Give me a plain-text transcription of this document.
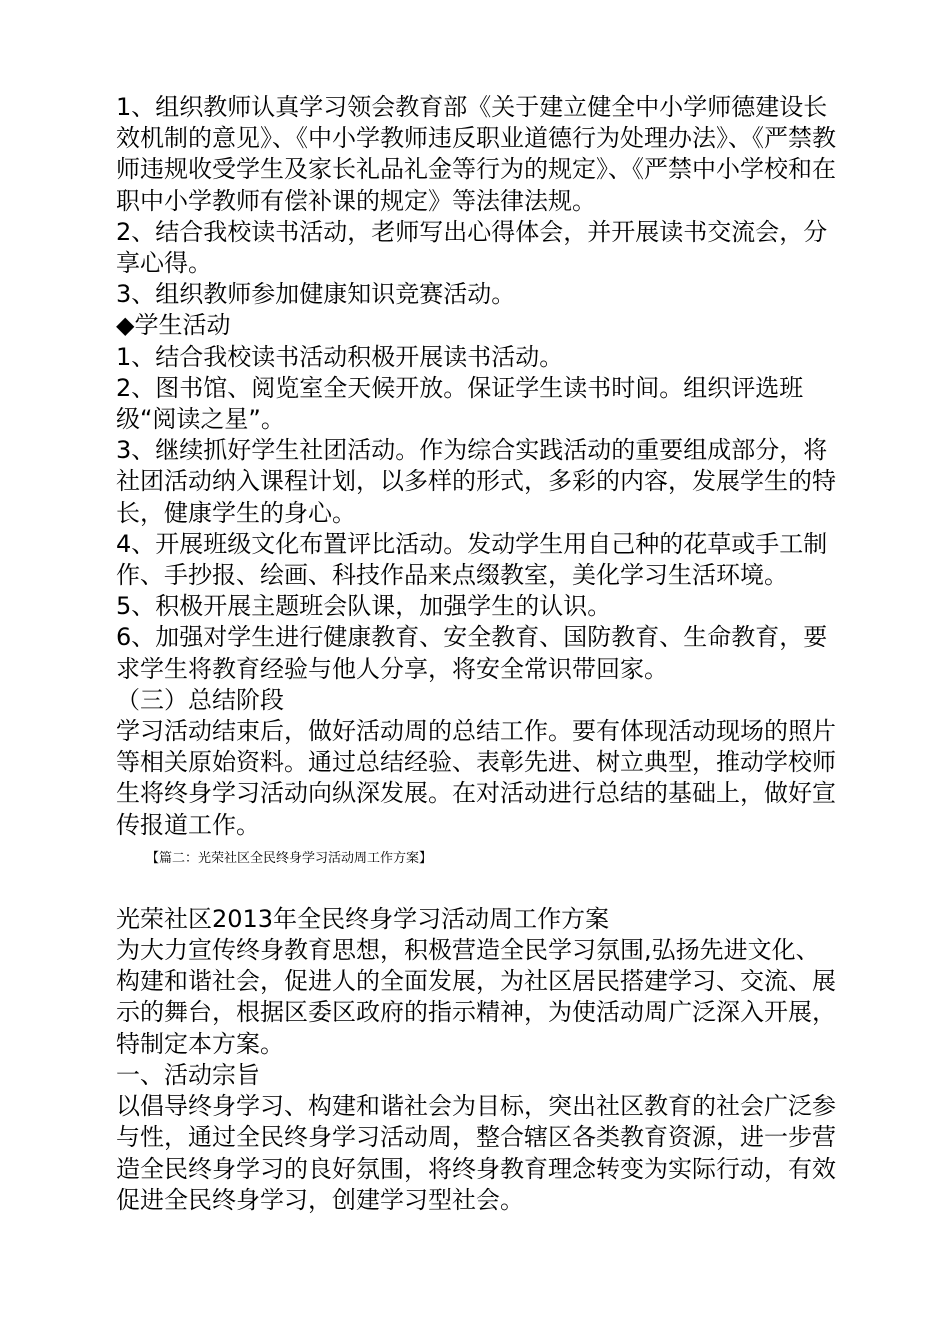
1、组织教师认真学习领会教育部《关于建立健全中小学师德建设长效机制的意见》、《中小学教师违反职业道德行为处理办法》、《严禁教师违规收受学生及家长礼品礼金等行为的规定》、《严禁中小学校和在职中小学教师有偿补课的规定》等法律法规。

2、结合我校读书活动，老师写出心得体会，并开展读书交流会，分享心得。

3、组织教师参加健康知识竞赛活动。

◆学生活动

1、结合我校读书活动积极开展读书活动。

2、图书馆、阅览室全天候开放。保证学生读书时间。组织评选班级“阅读之星”。

3、继续抓好学生社团活动。作为综合实践活动的重要组成部分，将社团活动纳入课程计划，以多样的形式，多彩的内容，发展学生的特长，健康学生的身心。

4、开展班级文化布置评比活动。发动学生用自己种的花草或手工制作、手抄报、绘画、科技作品来点缀教室，美化学习生活环境。

5、积极开展主题班会队课，加强学生的认识。

6、加强对学生进行健康教育、安全教育、国防教育、生命教育，要求学生将教育经验与他人分享，将安全常识带回家。

（三）总结阶段

学习活动结束后，做好活动周的总结工作。要有体现活动现场的照片等相关原始资料。通过总结经验、表彰先进、树立典型，推动学校师生将终身学习活动向纵深发展。在对活动进行总结的基础上，做好宣传报道工作。

【篇二：光荣社区全民终身学习活动周工作方案】

光荣社区2013年全民终身学习活动周工作方案

为大力宣传终身教育思想，积极营造全民学习氛围,弘扬先进文化、构建和谐社会，促进人的全面发展，为社区居民搭建学习、交流、展示的舞台，根据区委区政府的指示精神，为使活动周广泛深入开展，特制定本方案。

一、活动宗旨

以倡导终身学习、构建和谐社会为目标，突出社区教育的社会广泛参与性，通过全民终身学习活动周，整合辖区各类教育资源，进一步营造全民终身学习的良好氛围，将终身教育理念转变为实际行动，有效促进全民终身学习，创建学习型社会。
